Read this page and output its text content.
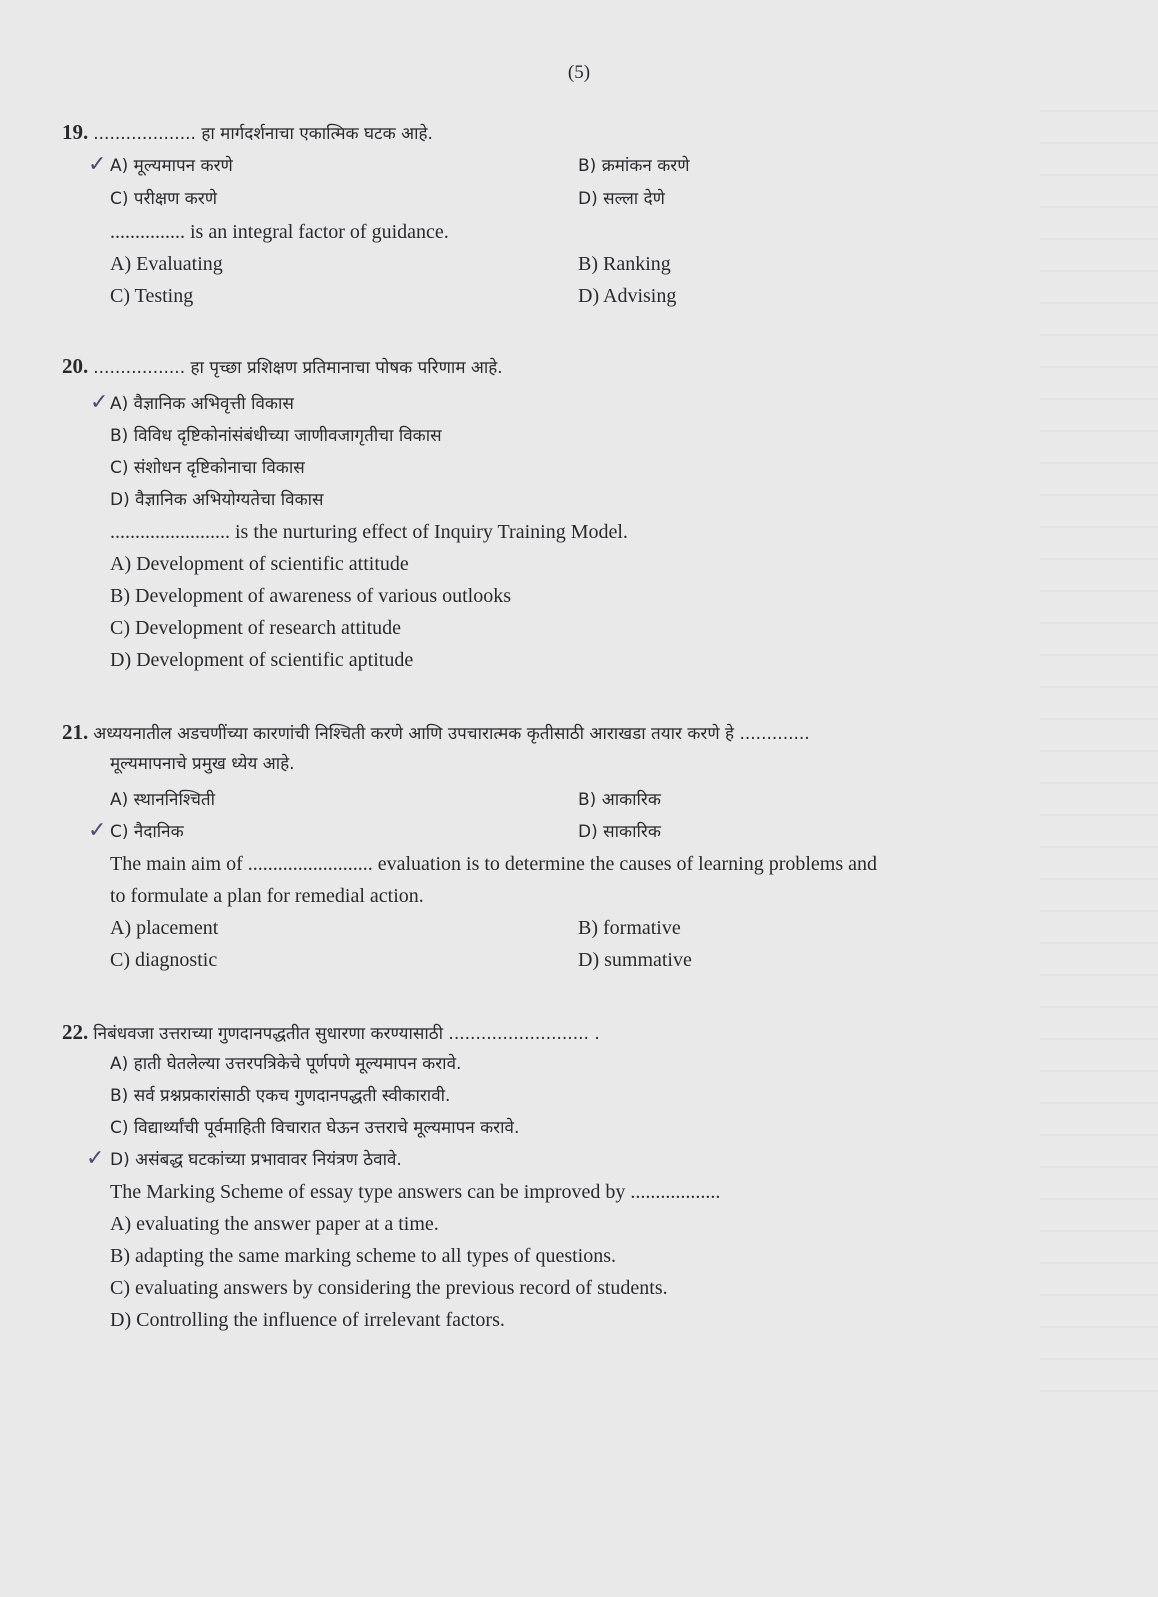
(5)
19. ................... हा मार्गदर्शनाचा एकात्मिक घटक आहे.
✓ A) मूल्यमापन करणे	B) क्रमांकन करणे
C) परीक्षण करणे	D) सल्ला देणे
............... is an integral factor of guidance.
A) Evaluating	B) Ranking
C) Testing	D) Advising
20. ................. हा पृच्छा प्रशिक्षण प्रतिमानाचा पोषक परिणाम आहे.
✓ A) वैज्ञानिक अभिवृत्ती विकास
B) विविध दृष्टिकोनांसंबंधीच्या जाणीवजागृतीचा विकास
C) संशोधन दृष्टिकोनाचा विकास
D) वैज्ञानिक अभियोग्यतेचा विकास
........................ is the nurturing effect of Inquiry Training Model.
A) Development of scientific attitude
B) Development of awareness of various outlooks
C) Development of research attitude
D) Development of scientific aptitude
21. अध्ययनातील अडचणींच्या कारणांची निश्चिती करणे आणि उपचारात्मक कृतीसाठी आराखडा तयार करणे हे .............
मूल्यमापनाचे प्रमुख ध्येय आहे.
A) स्थाननिश्चिती	B) आकारिक
✓ C) नैदानिक	D) साकारिक
The main aim of ......................... evaluation is to determine the causes of learning problems and
to formulate a plan for remedial action.
A) placement	B) formative
C) diagnostic	D) summative
22. निबंधवजा उत्तराच्या गुणदानपद्धतीत सुधारणा करण्यासाठी .......................... .
A) हाती घेतलेल्या उत्तरपत्रिकेचे पूर्णपणे मूल्यमापन करावे.
B) सर्व प्रश्नप्रकारांसाठी एकच गुणदानपद्धती स्वीकारावी.
C) विद्यार्थ्यांची पूर्वमाहिती विचारात घेऊन उत्तराचे मूल्यमापन करावे.
✓ D) असंबद्ध घटकांच्या प्रभावावर नियंत्रण ठेवावे.
The Marking Scheme of essay type answers can be improved by ..................
A) evaluating the answer paper at a time.
B) adapting the same marking scheme to all types of questions.
C) evaluating answers by considering the previous record of students.
D) Controlling the influence of irrelevant factors.
